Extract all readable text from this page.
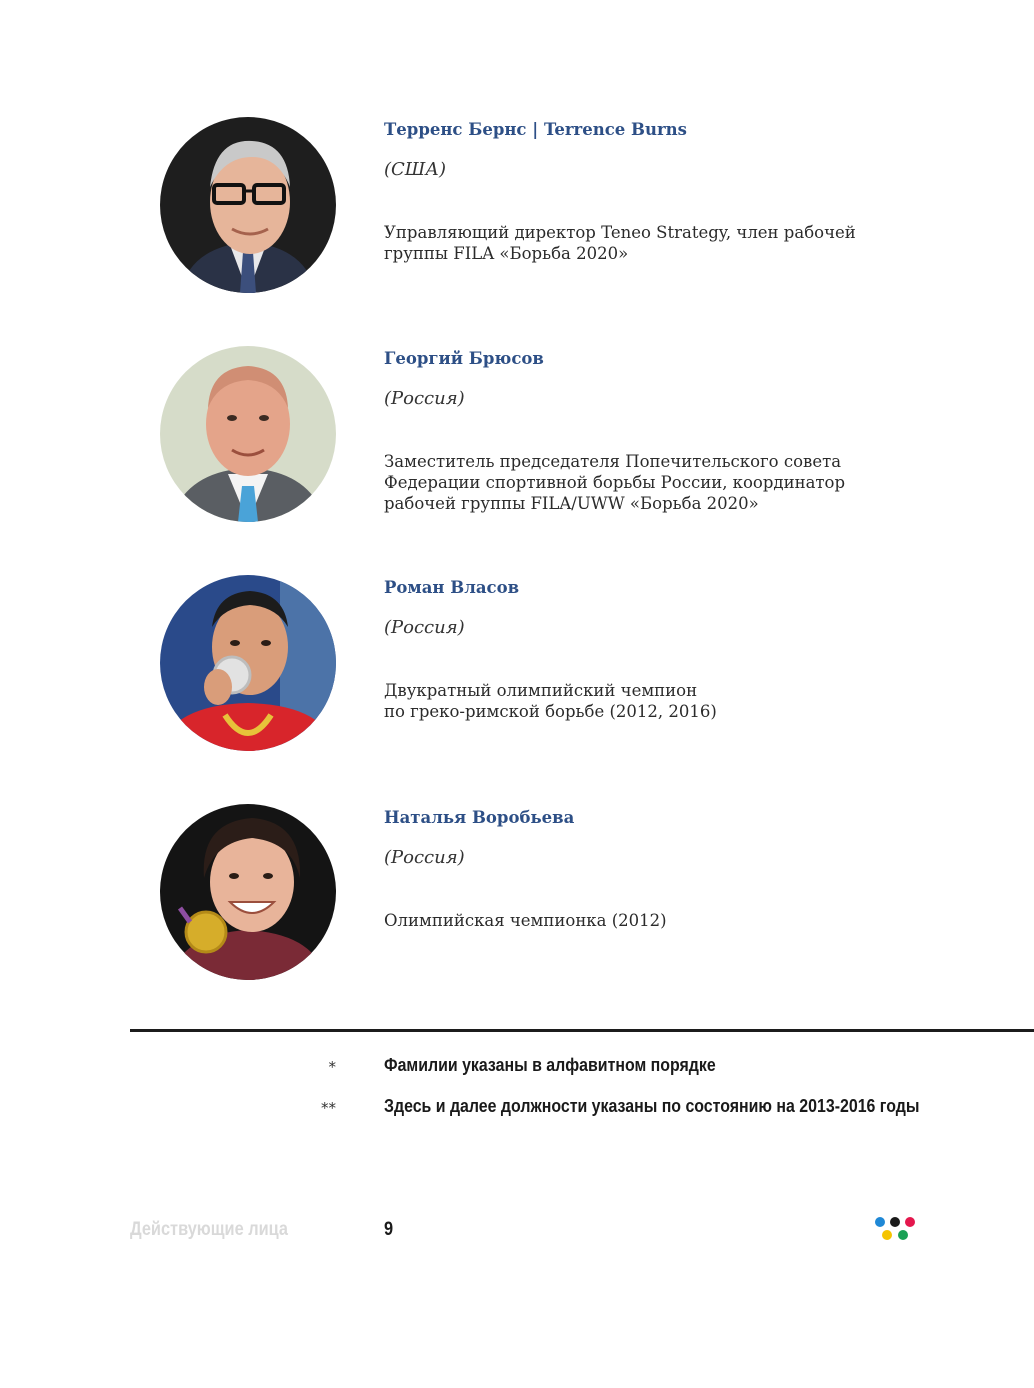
Терренс Бернс | Terrence Burns
(США)
Управляющий директор Teneo Strategy, член рабочей
группы FILA «Борьба 2020»
Георгий Брюсов
(Россия)
Заместитель председателя Попечительского совета
Федерации спортивной борьбы России, координатор
рабочей группы FILA/UWW «Борьба 2020»
Роман Власов
(Россия)
Двукратный олимпийский чемпион
по греко-римской борьбе (2012, 2016)
Наталья Воробьева
(Россия)
Олимпийская чемпионка (2012)
*	Фамилии указаны в алфавитном порядке
**	Здесь и далее должности указаны по состоянию на 2013-2016 годы
Действующие лица	9
